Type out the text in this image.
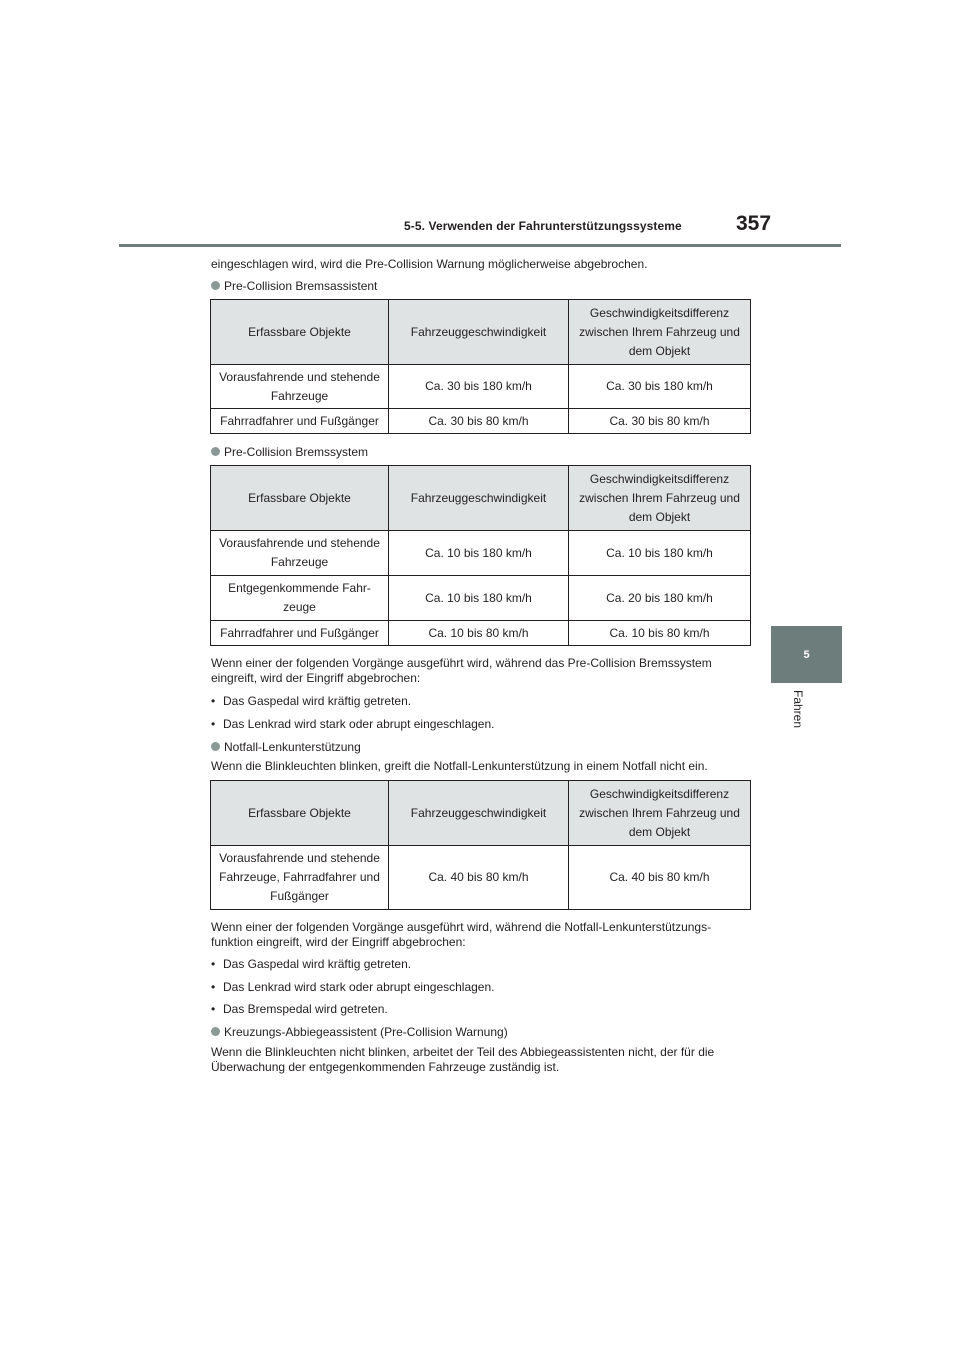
5-5. Verwenden der Fahrunterstützungssysteme	357
5
Fahren
eingeschlagen wird, wird die Pre-Collision Warnung möglicherweise abgebrochen.
Pre-Collision Bremsassistent
Erfassbare Objekte	Fahrzeuggeschwindigkeit	Geschwindigkeitsdifferenz zwischen Ihrem Fahrzeug und dem Objekt
Vorausfahrende und stehende Fahrzeuge	Ca. 30 bis 180 km/h	Ca. 30 bis 180 km/h
Fahrradfahrer und Fußgänger	Ca. 30 bis 80 km/h	Ca. 30 bis 80 km/h
Pre-Collision Bremssystem
Erfassbare Objekte	Fahrzeuggeschwindigkeit	Geschwindigkeitsdifferenz zwischen Ihrem Fahrzeug und dem Objekt
Vorausfahrende und stehende Fahrzeuge	Ca. 10 bis 180 km/h	Ca. 10 bis 180 km/h
Entgegenkommende Fahr-zeuge	Ca. 10 bis 180 km/h	Ca. 20 bis 180 km/h
Fahrradfahrer und Fußgänger	Ca. 10 bis 80 km/h	Ca. 10 bis 80 km/h
Wenn einer der folgenden Vorgänge ausgeführt wird, während das Pre-Collision Bremssystem eingreift, wird der Eingriff abgebrochen:
• Das Gaspedal wird kräftig getreten.
• Das Lenkrad wird stark oder abrupt eingeschlagen.
Notfall-Lenkunterstützung
Wenn die Blinkleuchten blinken, greift die Notfall-Lenkunterstützung in einem Notfall nicht ein.
Erfassbare Objekte	Fahrzeuggeschwindigkeit	Geschwindigkeitsdifferenz zwischen Ihrem Fahrzeug und dem Objekt
Vorausfahrende und stehende Fahrzeuge, Fahrradfahrer und Fußgänger	Ca. 40 bis 80 km/h	Ca. 40 bis 80 km/h
Wenn einer der folgenden Vorgänge ausgeführt wird, während die Notfall-Lenkunterstützungs-funktion eingreift, wird der Eingriff abgebrochen:
• Das Gaspedal wird kräftig getreten.
• Das Lenkrad wird stark oder abrupt eingeschlagen.
• Das Bremspedal wird getreten.
Kreuzungs-Abbiegeassistent (Pre-Collision Warnung)
Wenn die Blinkleuchten nicht blinken, arbeitet der Teil des Abbiegeassistenten nicht, der für die Überwachung der entgegenkommenden Fahrzeuge zuständig ist.
